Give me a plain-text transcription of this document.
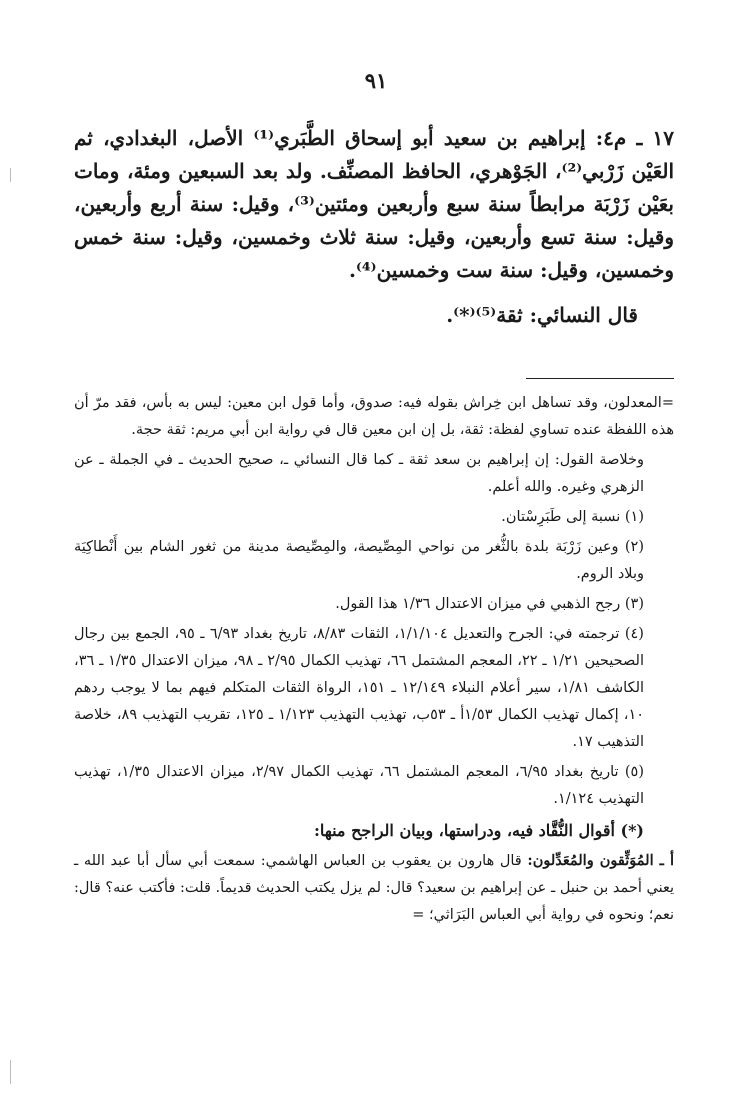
٩١

١٧ ـ م٤: إبراهيم بن سعيد أبو إسحاق الطَّبَري⁽¹⁾ الأصل، البغدادي، ثم العَيْن زَرْبي⁽²⁾، الجَوْهري، الحافظ المصنِّف. ولد بعد السبعين ومئة، ومات بعَيْن زَرْبَة مرابطاً سنة سبع وأربعين ومئتين⁽³⁾، وقيل: سنة أربع وأربعين، وقيل: سنة تسع وأربعين، وقيل: سنة ثلاث وخمسين، وقيل: سنة خمس وخمسين، وقيل: سنة ست وخمسين⁽⁴⁾.

قال النسائي: ثقة⁽⁵⁾⁽*⁾.

=المعدلون، وقد تساهل ابن خِراش بقوله فيه: صدوق، وأما قول ابن معين: ليس به بأس، فقد مرّ أن هذه اللفظة عنده تساوي لفظة: ثقة، بل إن ابن معين قال في رواية ابن أبي مريم: ثقة حجة.

وخلاصة القول: إن إبراهيم بن سعد ثقة ـ كما قال النسائي ـ، صحيح الحديث ـ في الجملة ـ عن الزهري وغيره. والله أعلم.

(١) نسبة إلى طَبَرِسْتان.

(٢) وعين زَرْبَة بلدة بالثُّغر من نواحي المِصِّيصة، والمِصِّيصة مدينة من ثغور الشام بين أَنْطاكِيَة وبلاد الروم.

(٣) رجح الذهبي في ميزان الاعتدال ١/٣٦ هذا القول.

(٤) ترجمته في: الجرح والتعديل ١/١/١٠٤، الثقات ٨/٨٣، تاريخ بغداد ٦/٩٣ ـ ٩٥، الجمع بين رجال الصحيحين ١/٢١ ـ ٢٢، المعجم المشتمل ٦٦، تهذيب الكمال ٢/٩٥ ـ ٩٨، ميزان الاعتدال ١/٣٥ ـ ٣٦، الكاشف ١/٨١، سير أعلام النبلاء ١٢/١٤٩ ـ ١٥١، الرواة الثقات المتكلم فيهم بما لا يوجب ردهم ١٠، إكمال تهذيب الكمال ١/٥٣أ ـ ٥٣ب، تهذيب التهذيب ١/١٢٣ ـ ١٢٥، تقريب التهذيب ٨٩، خلاصة التذهيب ١٧.

(٥) تاريخ بغداد ٦/٩٥، المعجم المشتمل ٦٦، تهذيب الكمال ٢/٩٧، ميزان الاعتدال ١/٣٥، تهذيب التهذيب ١/١٢٤.

(*) أقوال النُّقَّاد فيه، ودراستها، وبيان الراجح منها:

أ ـ المُوَثِّقون والمُعَدِّلون: قال هارون بن يعقوب بن العباس الهاشمي: سمعت أبي سأل أبا عبد الله ـ يعني أحمد بن حنبل ـ عن إبراهيم بن سعيد؟ قال: لم يزل يكتب الحديث قديماً. قلت: فأكتب عنه؟ قال: نعم؛ ونحوه في رواية أبي العباس البَرَاثي؛ =
